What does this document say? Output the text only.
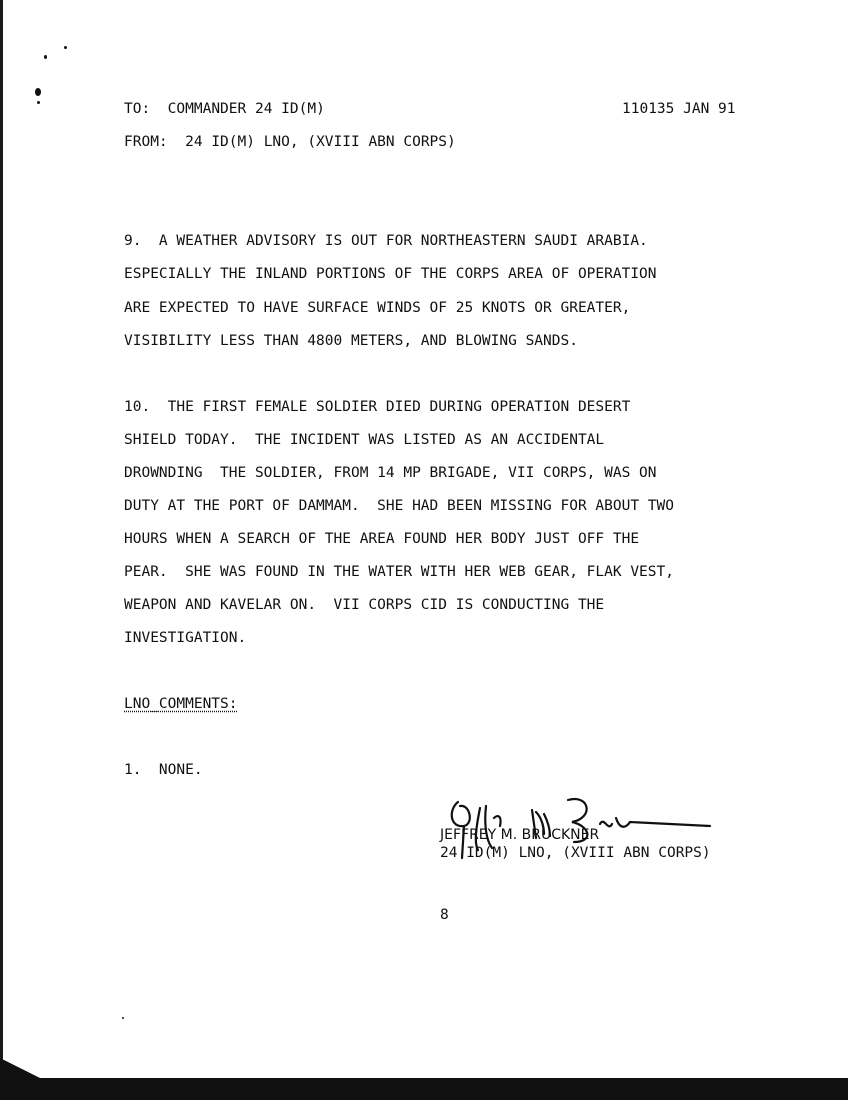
TO: COMMANDER 24 ID(M)	110135 JAN 91
FROM: 24 ID(M) LNO, (XVIII ABN CORPS)
9.  A WEATHER ADVISORY IS OUT FOR NORTHEASTERN SAUDI ARABIA.
ESPECIALLY THE INLAND PORTIONS OF THE CORPS AREA OF OPERATION
ARE EXPECTED TO HAVE SURFACE WINDS OF 25 KNOTS OR GREATER,
VISIBILITY LESS THAN 4800 METERS, AND BLOWING SANDS.
10.  THE FIRST FEMALE SOLDIER DIED DURING OPERATION DESERT
SHIELD TODAY.  THE INCIDENT WAS LISTED AS AN ACCIDENTAL
DROWNDING  THE SOLDIER, FROM 14 MP BRIGADE, VII CORPS, WAS ON
DUTY AT THE PORT OF DAMMAM.  SHE HAD BEEN MISSING FOR ABOUT TWO
HOURS WHEN A SEARCH OF THE AREA FOUND HER BODY JUST OFF THE
PEAR.  SHE WAS FOUND IN THE WATER WITH HER WEB GEAR, FLAK VEST,
WEAPON AND KAVELAR ON.  VII CORPS CID IS CONDUCTING THE
INVESTIGATION.
LNO_COMMENTS:
1.  NONE.
JEFFREY M. BRUCKNER
24 ID(M) LNO, (XVIII ABN CORPS)
8
